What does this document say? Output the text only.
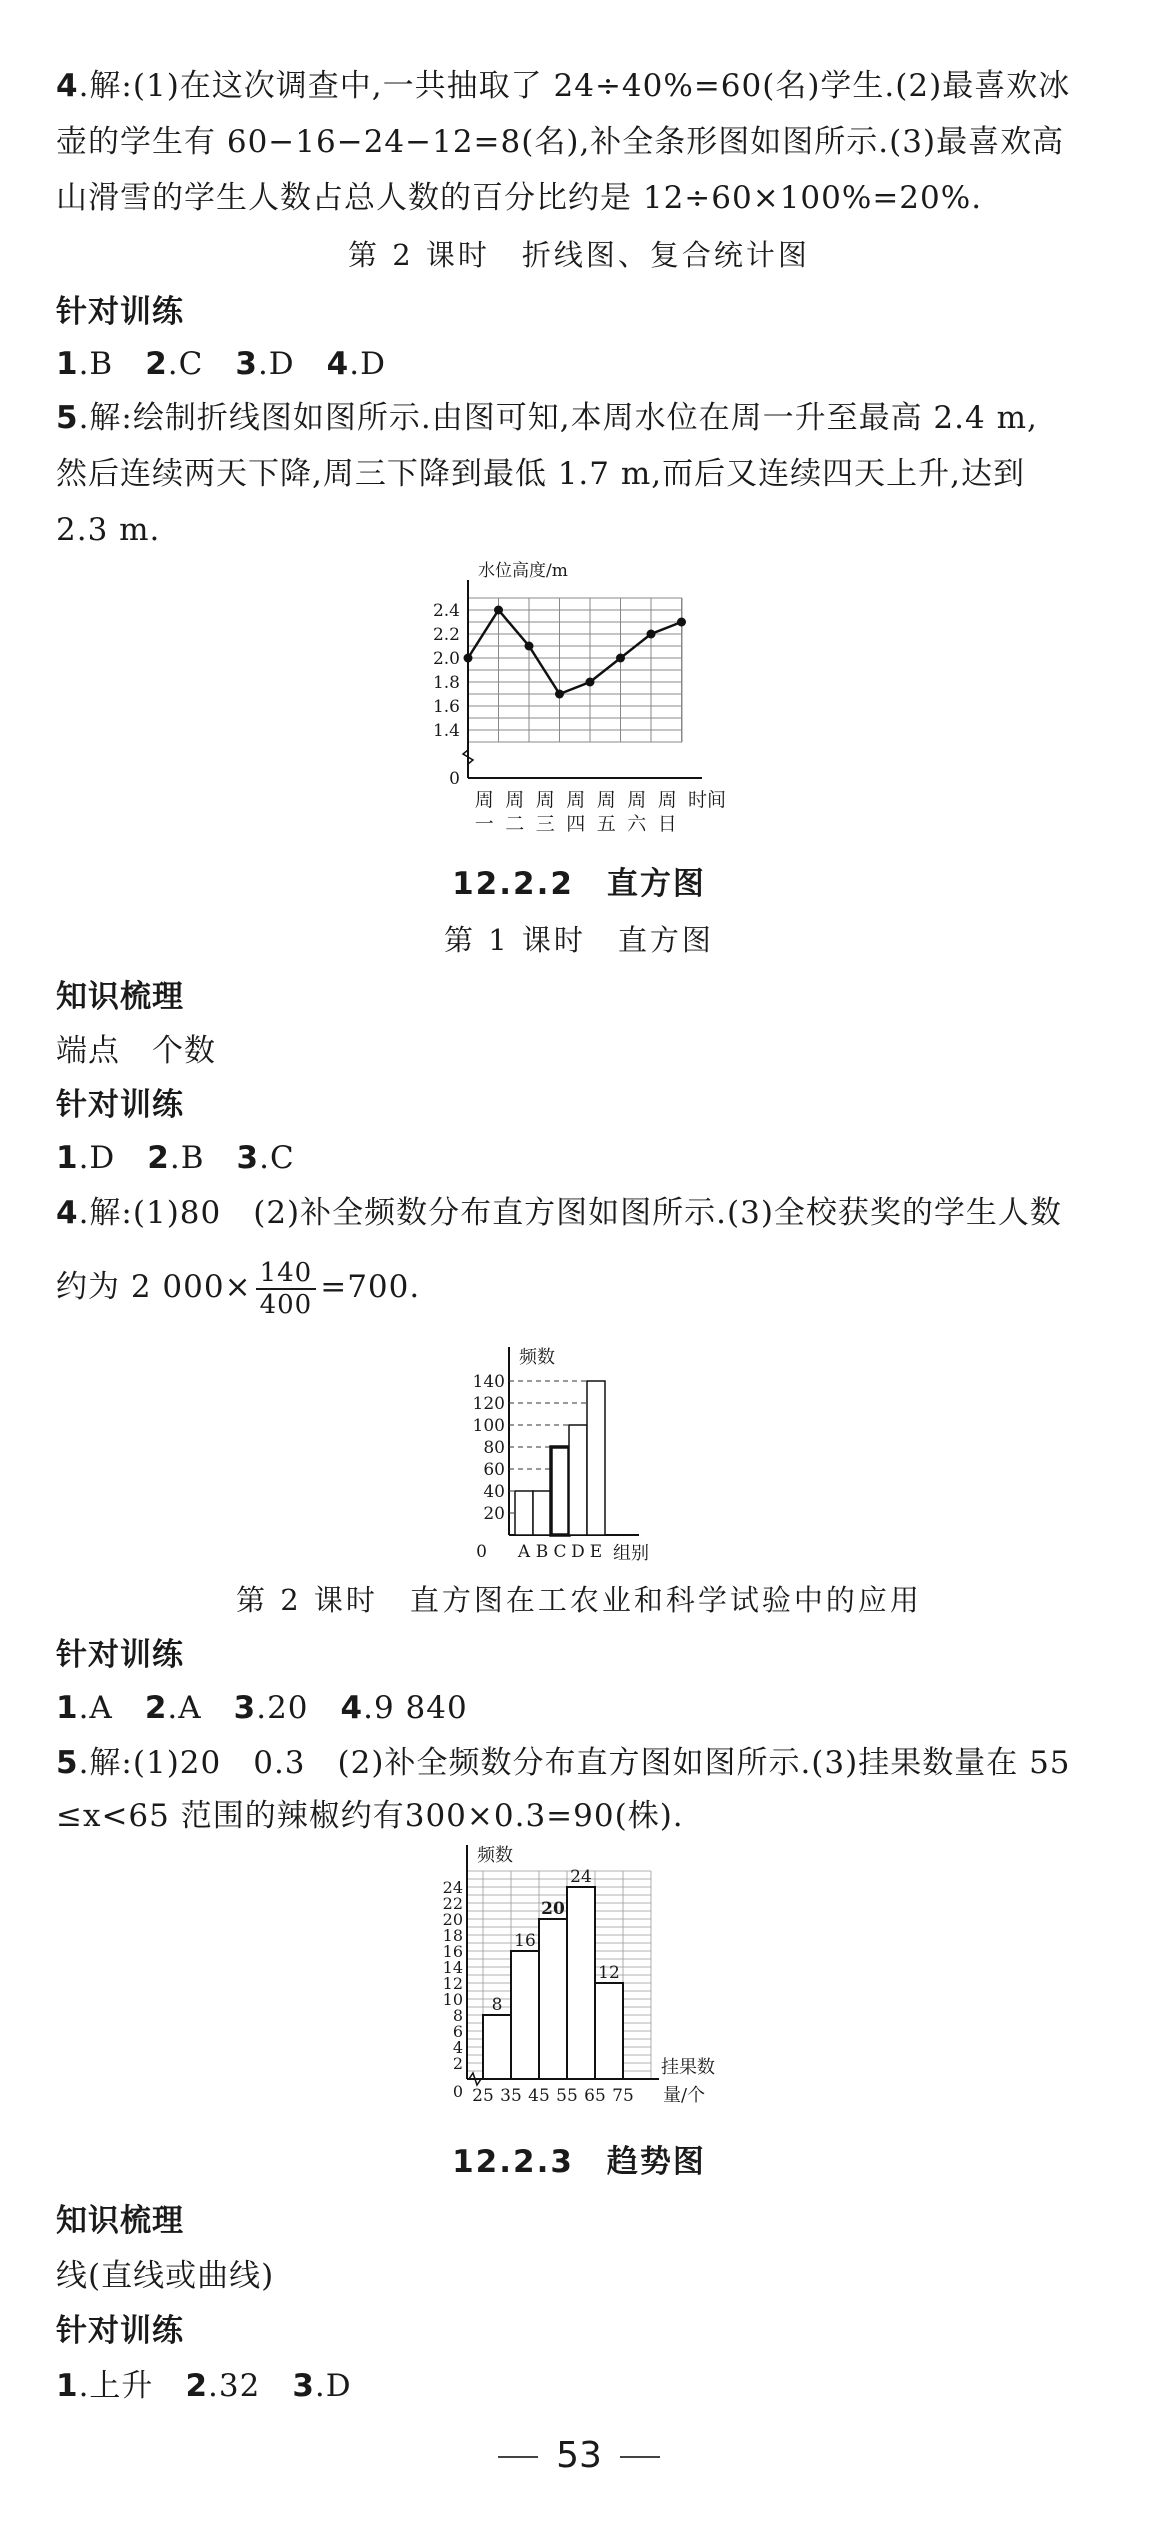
4.解:(1)在这次调查中,一共抽取了 24÷40%=60(名)学生.(2)最喜欢冰
壶的学生有 60−16−24−12=8(名),补全条形图如图所示.(3)最喜欢高
山滑雪的学生人数占总人数的百分比约是 12÷60×100%=20%.
第 2 课时　折线图、复合统计图
针对训练
1.B　 2.C　 3.D　 4.D
5.解:绘制折线图如图所示.由图可知,本周水位在周一升至最高 2.4 m,
然后连续两天下降,周三下降到最低 1.7 m,而后又连续四天上升,达到
2.3 m.
水位高度/m
0
1.4
1.6
1.8
2.0
2.2
2.4
周 周 周 周 周 周 周
一 二 三 四 五 六 日
时间
12.2.2　直方图
第 1 课时　直方图
知识梳理
端点　个数
针对训练
1.D　 2.B　 3.C
4.解:(1)80　(2)补全频数分布直方图如图所示.(3)全校获奖的学生人数
约为 2 $000\times \frac{140}{400} =700$.
频数
0
20
40
60
80
100
120
140
A B C D E 组别
第 2 课时　直方图在工农业和科学试验中的应用
针对训练
1.A　 2.A　 3.20　 4.9 840
5.解:(1)20　0.3　(2)补全频数分布直方图如图所示.(3)挂果数量在 55
≤x<65 范围的辣椒约有300×0.3=90(株).
频数
0
2
4
6
8
10
12
14
16
18
20
22
24
8
16
20
24
12
25 35 45 55 65 75
挂果数
量/个
12.2.3　趋势图
知识梳理
线(直线或曲线)
针对训练
1.上升　 2.32　 3.D
53
